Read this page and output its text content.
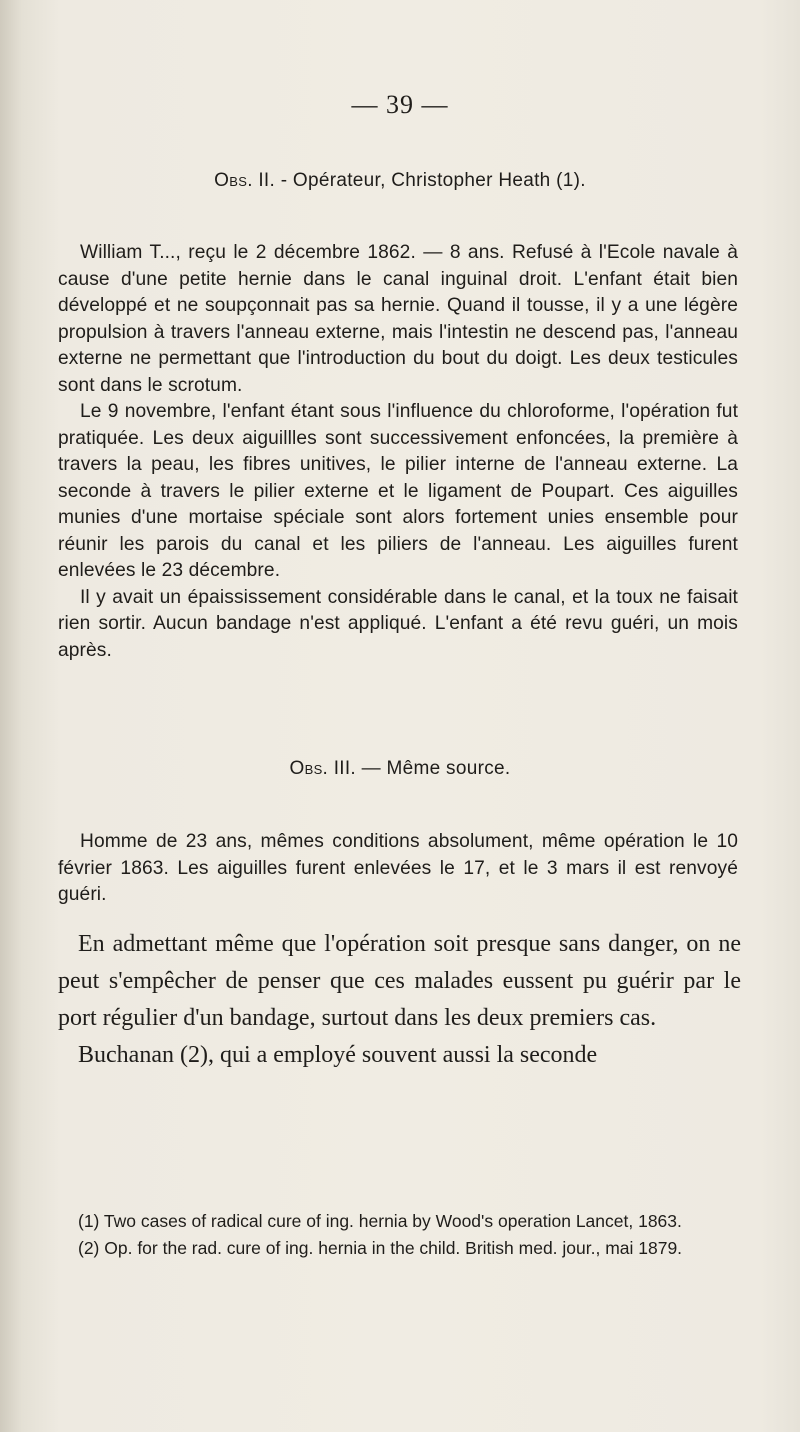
— 39 —
Obs. II. - Opérateur, Christopher Heath (1).

William T..., reçu le 2 décembre 1862. — 8 ans. Refusé à l'Ecole navale à cause d'une petite hernie dans le canal inguinal droit. L'enfant était bien développé et ne soupçonnait pas sa hernie. Quand il tousse, il y a une légère propulsion à travers l'anneau externe, mais l'intestin ne descend pas, l'anneau externe ne permettant que l'introduction du bout du doigt. Les deux testicules sont dans le scrotum.

Le 9 novembre, l'enfant étant sous l'influence du chloroforme, l'opération fut pratiquée. Les deux aiguillles sont successivement enfoncées, la première à travers la peau, les fibres unitives, le pilier interne de l'anneau externe. La seconde à travers le pilier externe et le ligament de Poupart. Ces aiguilles munies d'une mortaise spéciale sont alors fortement unies ensemble pour réunir les parois du canal et les piliers de l'anneau. Les aiguilles furent enlevées le 23 décembre.

Il y avait un épaississement considérable dans le canal, et la toux ne faisait rien sortir. Aucun bandage n'est appliqué. L'enfant a été revu guéri, un mois après.

Obs. III. — Même source.

Homme de 23 ans, mêmes conditions absolument, même opération le 10 février 1863. Les aiguilles furent enlevées le 17, et le 3 mars il est renvoyé guéri.

En admettant même que l'opération soit presque sans danger, on ne peut s'empêcher de penser que ces malades eussent pu guérir par le port régulier d'un bandage, surtout dans les deux premiers cas.

Buchanan (2), qui a employé souvent aussi la seconde

(1) Two cases of radical cure of ing. hernia by Wood's operation Lancet, 1863.

(2) Op. for the rad. cure of ing. hernia in the child. British med. jour., mai 1879.
